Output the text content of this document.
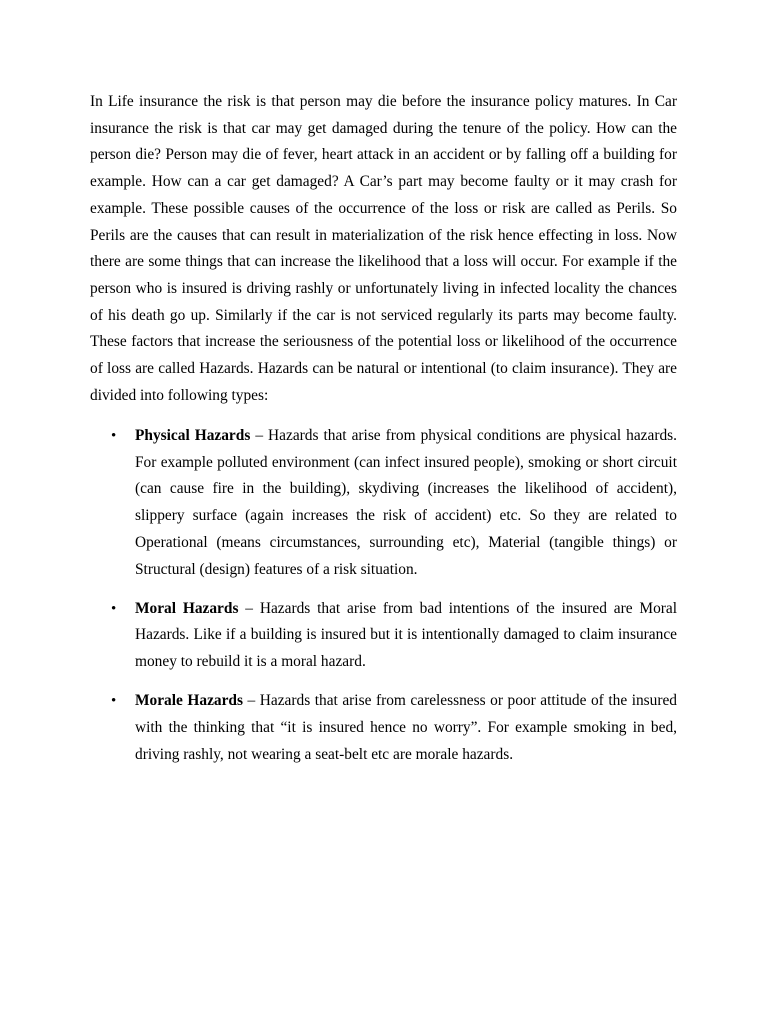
In Life insurance the risk is that person may die before the insurance policy matures. In Car insurance the risk is that car may get damaged during the tenure of the policy. How can the person die? Person may die of fever, heart attack in an accident or by falling off a building for example. How can a car get damaged? A Car’s part may become faulty or it may crash for example. These possible causes of the occurrence of the loss or risk are called as Perils. So Perils are the causes that can result in materialization of the risk hence effecting in loss. Now there are some things that can increase the likelihood that a loss will occur. For example if the person who is insured is driving rashly or unfortunately living in infected locality the chances of his death go up. Similarly if the car is not serviced regularly its parts may become faulty. These factors that increase the seriousness of the potential loss or likelihood of the occurrence of loss are called Hazards. Hazards can be natural or intentional (to claim insurance). They are divided into following types:

• Physical Hazards – Hazards that arise from physical conditions are physical hazards. For example polluted environment (can infect insured people), smoking or short circuit (can cause fire in the building), skydiving (increases the likelihood of accident), slippery surface (again increases the risk of accident) etc. So they are related to Operational (means circumstances, surrounding etc), Material (tangible things) or Structural (design) features of a risk situation.
• Moral Hazards – Hazards that arise from bad intentions of the insured are Moral Hazards. Like if a building is insured but it is intentionally damaged to claim insurance money to rebuild it is a moral hazard.
• Morale Hazards – Hazards that arise from carelessness or poor attitude of the insured with the thinking that “it is insured hence no worry”. For example smoking in bed, driving rashly, not wearing a seat-belt etc are morale hazards.
